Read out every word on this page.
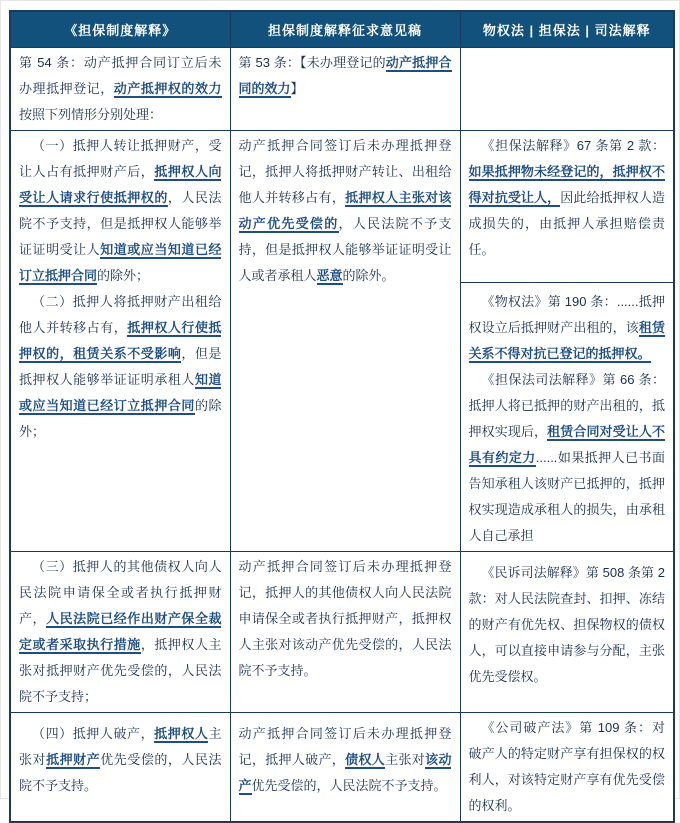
《担保制度解释》	担保制度解释征求意见稿	物权法 | 担保法 | 司法解释

第 54 条：动产抵押合同订立后未办理抵押登记，动产抵押权的效力按照下列情形分别处理：	第 53 条：【未办理登记的动产抵押合同的效力】	

（一）抵押人转让抵押财产，受让人占有抵押财产后，抵押权人向受让人请求行使抵押权的，人民法院不予支持，但是抵押权人能够举证证明受让人知道或应当知道已经订立抵押合同的除外；

（二）抵押人将抵押财产出租给他人并转移占有，抵押权人行使抵押权的，租赁关系不受影响，但是抵押权人能够举证证明承租人知道或应当知道已经订立抵押合同的除外；	动产抵押合同签订后未办理抵押登记，抵押人将抵押财产转让、出租给他人并转移占有，抵押权人主张对该动产优先受偿的，人民法院不予支持，但是抵押权人能够举证证明受让人或者承租人恶意的除外。	《担保法解释》67 条第 2 款：如果抵押物未经登记的，抵押权不得对抗受让人，因此给抵押权人造成损失的，由抵押人承担赔偿责任。

		《物权法》第 190 条：......抵押权设立后抵押财产出租的，该租赁关系不得对抗已登记的抵押权。

《担保法司法解释》第 66 条：抵押人将已抵押的财产出租的，抵押权实现后，租赁合同对受让人不具有约定力......如果抵押人已书面告知承租人该财产已抵押的，抵押权实现造成承租人的损失，由承租人自己承担

（三）抵押人的其他债权人向人民法院申请保全或者执行抵押财产，人民法院已经作出财产保全裁定或者采取执行措施，抵押权人主张对抵押财产优先受偿的，人民法院不予支持；	动产抵押合同签订后未办理抵押登记，抵押人的其他债权人向人民法院申请保全或者执行抵押财产，抵押权人主张对该动产优先受偿的，人民法院不予支持。	《民诉司法解释》第 508 条第 2 款：对人民法院查封、扣押、冻结的财产有优先权、担保物权的债权人，可以直接申请参与分配，主张优先受偿权。

（四）抵押人破产，抵押权人主张对抵押财产优先受偿的，人民法院不予支持。	动产抵押合同签订后未办理抵押登记，抵押人破产，债权人主张对该动产优先受偿的，人民法院不予支持。	《公司破产法》第 109 条：对破产人的特定财产享有担保权的权利人，对该特定财产享有优先受偿的权利。
